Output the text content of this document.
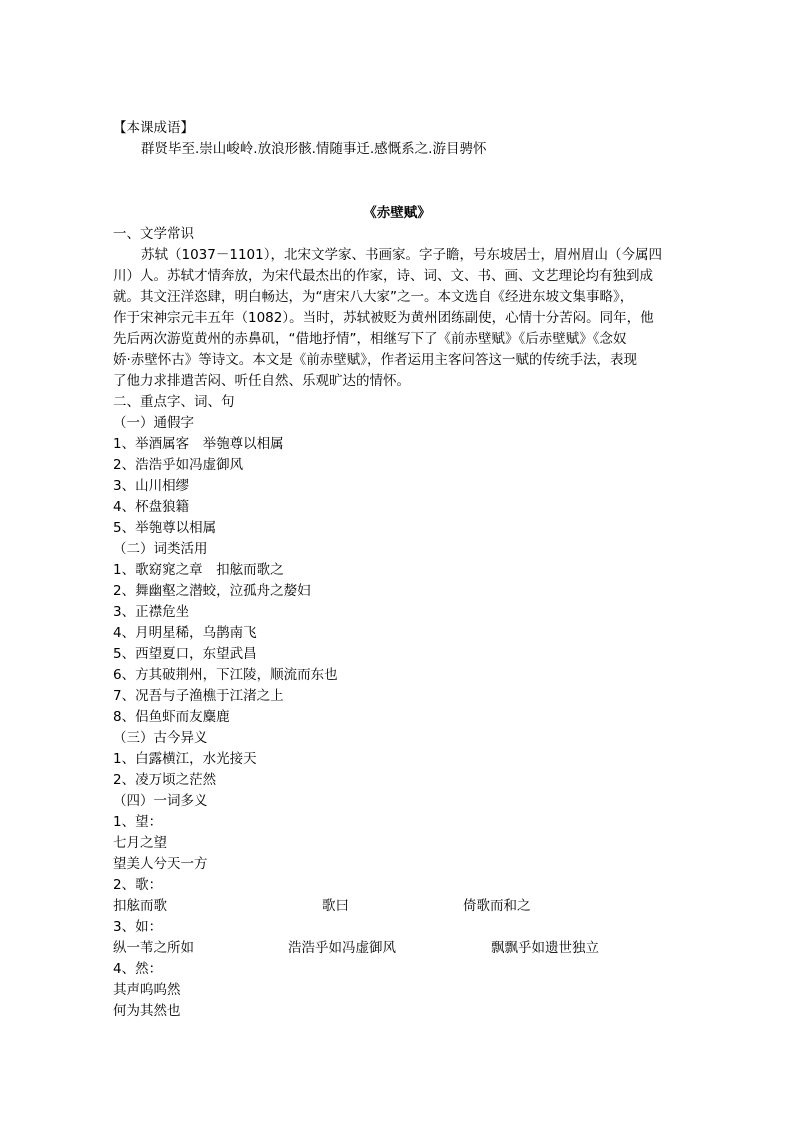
【本课成语】
群贤毕至.崇山峻岭.放浪形骸.情随事迁.感慨系之.游目骋怀
《赤壁赋》
一、文学常识
苏轼（1037－1101），北宋文学家、书画家。字子瞻，号东坡居士，眉州眉山（今属四
川）人。苏轼才情奔放，为宋代最杰出的作家，诗、词、文、书、画、文艺理论均有独到成
就。其文汪洋恣肆，明白畅达，为“唐宋八大家”之一。本文选自《经进东坡文集事略》，
作于宋神宗元丰五年（1082）。当时，苏轼被贬为黄州团练副使，心情十分苦闷。同年，他
先后两次游览黄州的赤鼻矶，“借地抒情”，相继写下了《前赤壁赋》《后赤壁赋》《念奴
娇·赤壁怀古》等诗文。本文是《前赤壁赋》，作者运用主客问答这一赋的传统手法，表现
了他力求排遣苦闷、听任自然、乐观旷达的情怀。
二、重点字、词、句
（一）通假字
1、举酒属客　举匏尊以相属
2、浩浩乎如冯虚御风
3、山川相缪
4、杯盘狼籍
5、举匏尊以相属
（二）词类活用
1、歌窈窕之章　扣舷而歌之
2、舞幽壑之潜蛟，泣孤舟之嫠妇
3、正襟危坐
4、月明星稀，乌鹊南飞
5、西望夏口，东望武昌
6、方其破荆州，下江陵，顺流而东也
7、况吾与子渔樵于江渚之上
8、侣鱼虾而友麋鹿
（三）古今异义
1、白露横江，水光接天
2、凌万顷之茫然
（四）一词多义
1、望：
七月之望
望美人兮天一方
2、歌：
扣舷而歌	歌曰	倚歌而和之
3、如：
纵一苇之所如	浩浩乎如冯虚御风	飘飘乎如遗世独立
4、然：
其声呜呜然
何为其然也
